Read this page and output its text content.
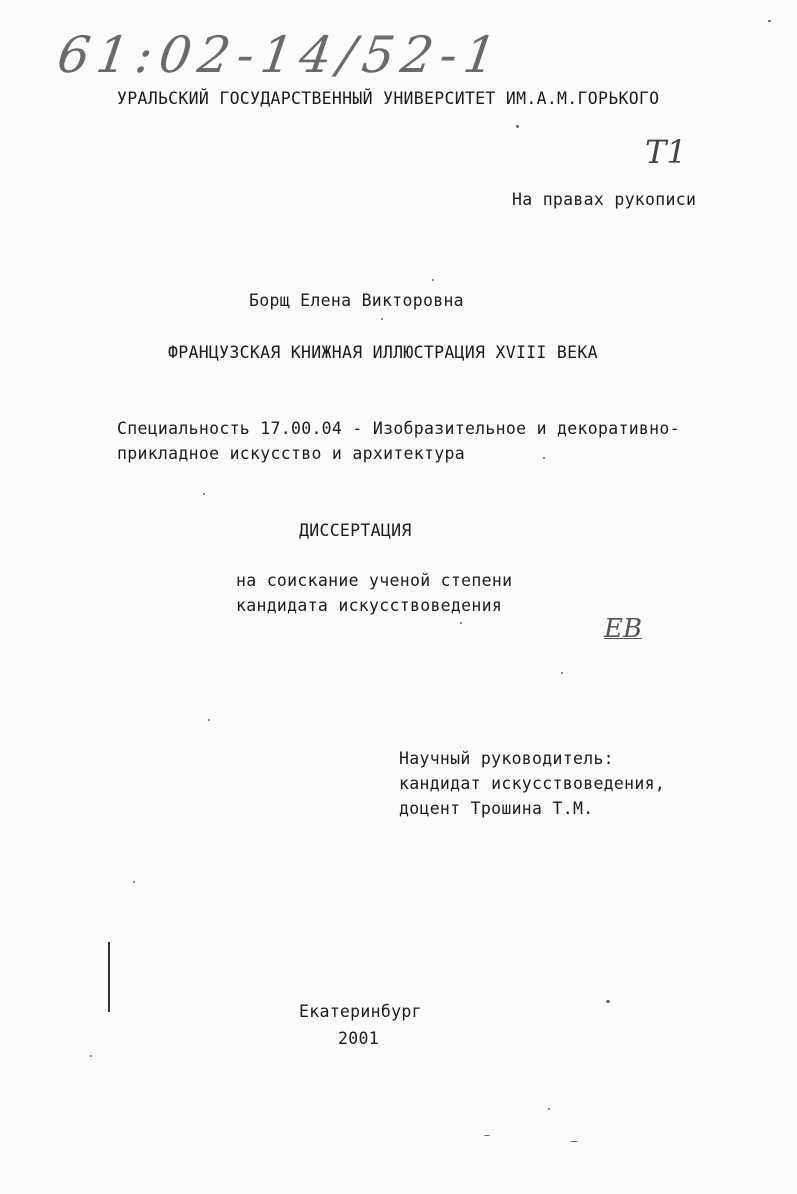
61:02-14/52-1
УРАЛЬСКИЙ ГОСУДАРСТВЕННЫЙ УНИВЕРСИТЕТ ИМ.А.М.ГОРЬКОГО
T1
На правах рукописи
Борщ Елена Викторовна
ФРАНЦУЗСКАЯ КНИЖНАЯ ИЛЛЮСТРАЦИЯ XVIII ВЕКА
Специальность 17.00.04 - Изобразительное и декоративно-
прикладное искусство и архитектура
ДИССЕРТАЦИЯ
на соискание ученой степени
кандидата искусствоведения
ЕВ
Научный руководитель:
кандидат искусствоведения,
доцент Трошина Т.М.
Екатеринбург
2001
